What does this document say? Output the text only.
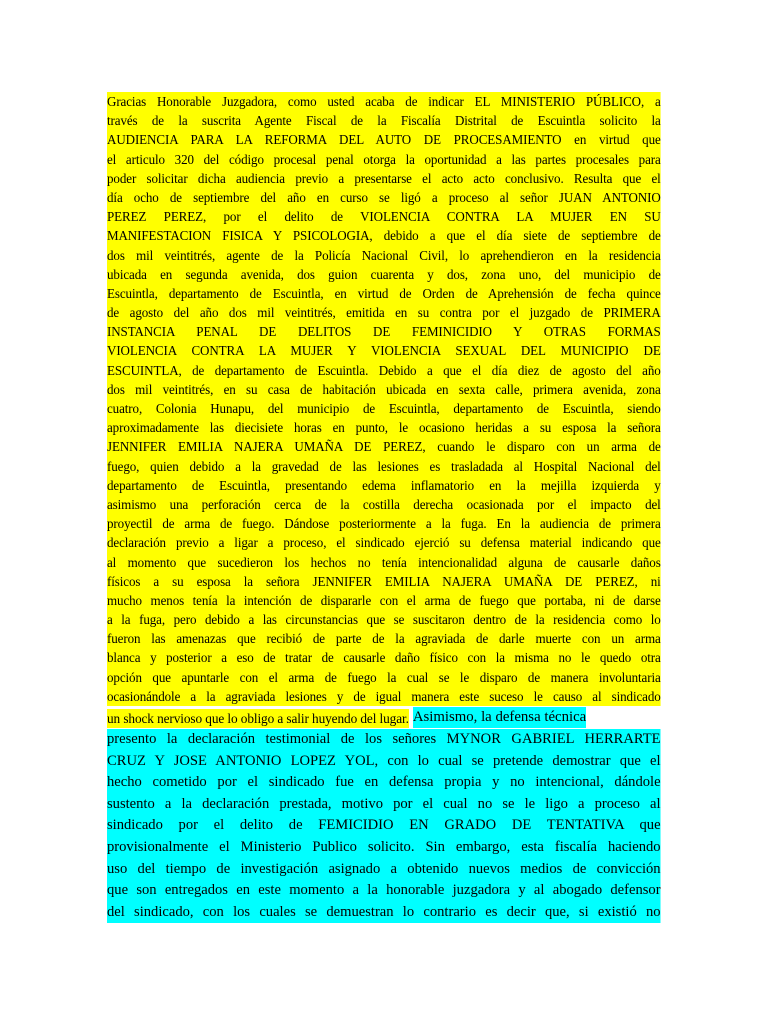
Gracias Honorable Juzgadora, como usted acaba de indicar EL MINISTERIO PÚBLICO, a
través de la suscrita Agente Fiscal de la Fiscalía Distrital de Escuintla solicito la
AUDIENCIA PARA LA REFORMA DEL AUTO DE PROCESAMIENTO en virtud que
el articulo 320 del código procesal penal otorga la oportunidad a las partes procesales para
poder solicitar dicha audiencia previo a presentarse el acto acto conclusivo. Resulta que el
día ocho de septiembre del año en curso se ligó a proceso al señor JUAN ANTONIO
PEREZ PEREZ, por el delito de VIOLENCIA CONTRA LA MUJER EN SU
MANIFESTACION FISICA Y PSICOLOGIA, debido a que el día siete de septiembre de
dos mil veintitrés, agente de la Policía Nacional Civil, lo aprehendieron en la residencia
ubicada en segunda avenida, dos guion cuarenta y dos, zona uno, del municipio de
Escuintla, departamento de Escuintla, en virtud de Orden de Aprehensión de fecha quince
de agosto del año dos mil veintitrés, emitida en su contra por el juzgado de PRIMERA
INSTANCIA PENAL DE DELITOS DE FEMINICIDIO Y OTRAS FORMAS
VIOLENCIA CONTRA LA MUJER Y VIOLENCIA SEXUAL DEL MUNICIPIO DE
ESCUINTLA, de departamento de Escuintla. Debido a que el día diez de agosto del año
dos mil veintitrés, en su casa de habitación ubicada en sexta calle, primera avenida, zona
cuatro, Colonia Hunapu, del municipio de Escuintla, departamento de Escuintla, siendo
aproximadamente las diecisiete horas en punto, le ocasiono heridas a su esposa la señora
JENNIFER EMILIA NAJERA UMAÑA DE PEREZ, cuando le disparo con un arma de
fuego, quien debido a la gravedad de las lesiones es trasladada al Hospital Nacional del
departamento de Escuintla, presentando edema inflamatorio en la mejilla izquierda y
asimismo una perforación cerca de la costilla derecha ocasionada por el impacto del
proyectil de arma de fuego. Dándose posteriormente a la fuga. En la audiencia de primera
declaración previo a ligar a proceso, el sindicado ejerció su defensa material indicando que
al momento que sucedieron los hechos no tenía intencionalidad alguna de causarle daños
físicos a su esposa la señora JENNIFER EMILIA NAJERA UMAÑA DE PEREZ, ni
mucho menos tenía la intención de dispararle con el arma de fuego que portaba, ni de darse
a la fuga, pero debido a las circunstancias que se suscitaron dentro de la residencia como lo
fueron las amenazas que recibió de parte de la agraviada de darle muerte con un arma
blanca y posterior a eso de tratar de causarle daño físico con la misma no le quedo otra
opción que apuntarle con el arma de fuego la cual se le disparo de manera involuntaria
ocasionándole a la agraviada lesiones y de igual manera este suceso le causo al sindicado
un shock nervioso que lo obligo a salir huyendo del lugar. Asimismo, la defensa técnica
presento la declaración testimonial de los señores MYNOR GABRIEL HERRARTE
CRUZ Y JOSE ANTONIO LOPEZ YOL, con lo cual se pretende demostrar que el
hecho cometido por el sindicado fue en defensa propia y no intencional, dándole
sustento a la declaración prestada, motivo por el cual no se le ligo a proceso al
sindicado por el delito de FEMICIDIO EN GRADO DE TENTATIVA que
provisionalmente el Ministerio Publico solicito. Sin embargo, esta fiscalía haciendo
uso del tiempo de investigación asignado a obtenido nuevos medios de convicción
que son entregados en este momento a la honorable juzgadora y al abogado defensor
del sindicado, con los cuales se demuestran lo contrario es decir que, si existió no
